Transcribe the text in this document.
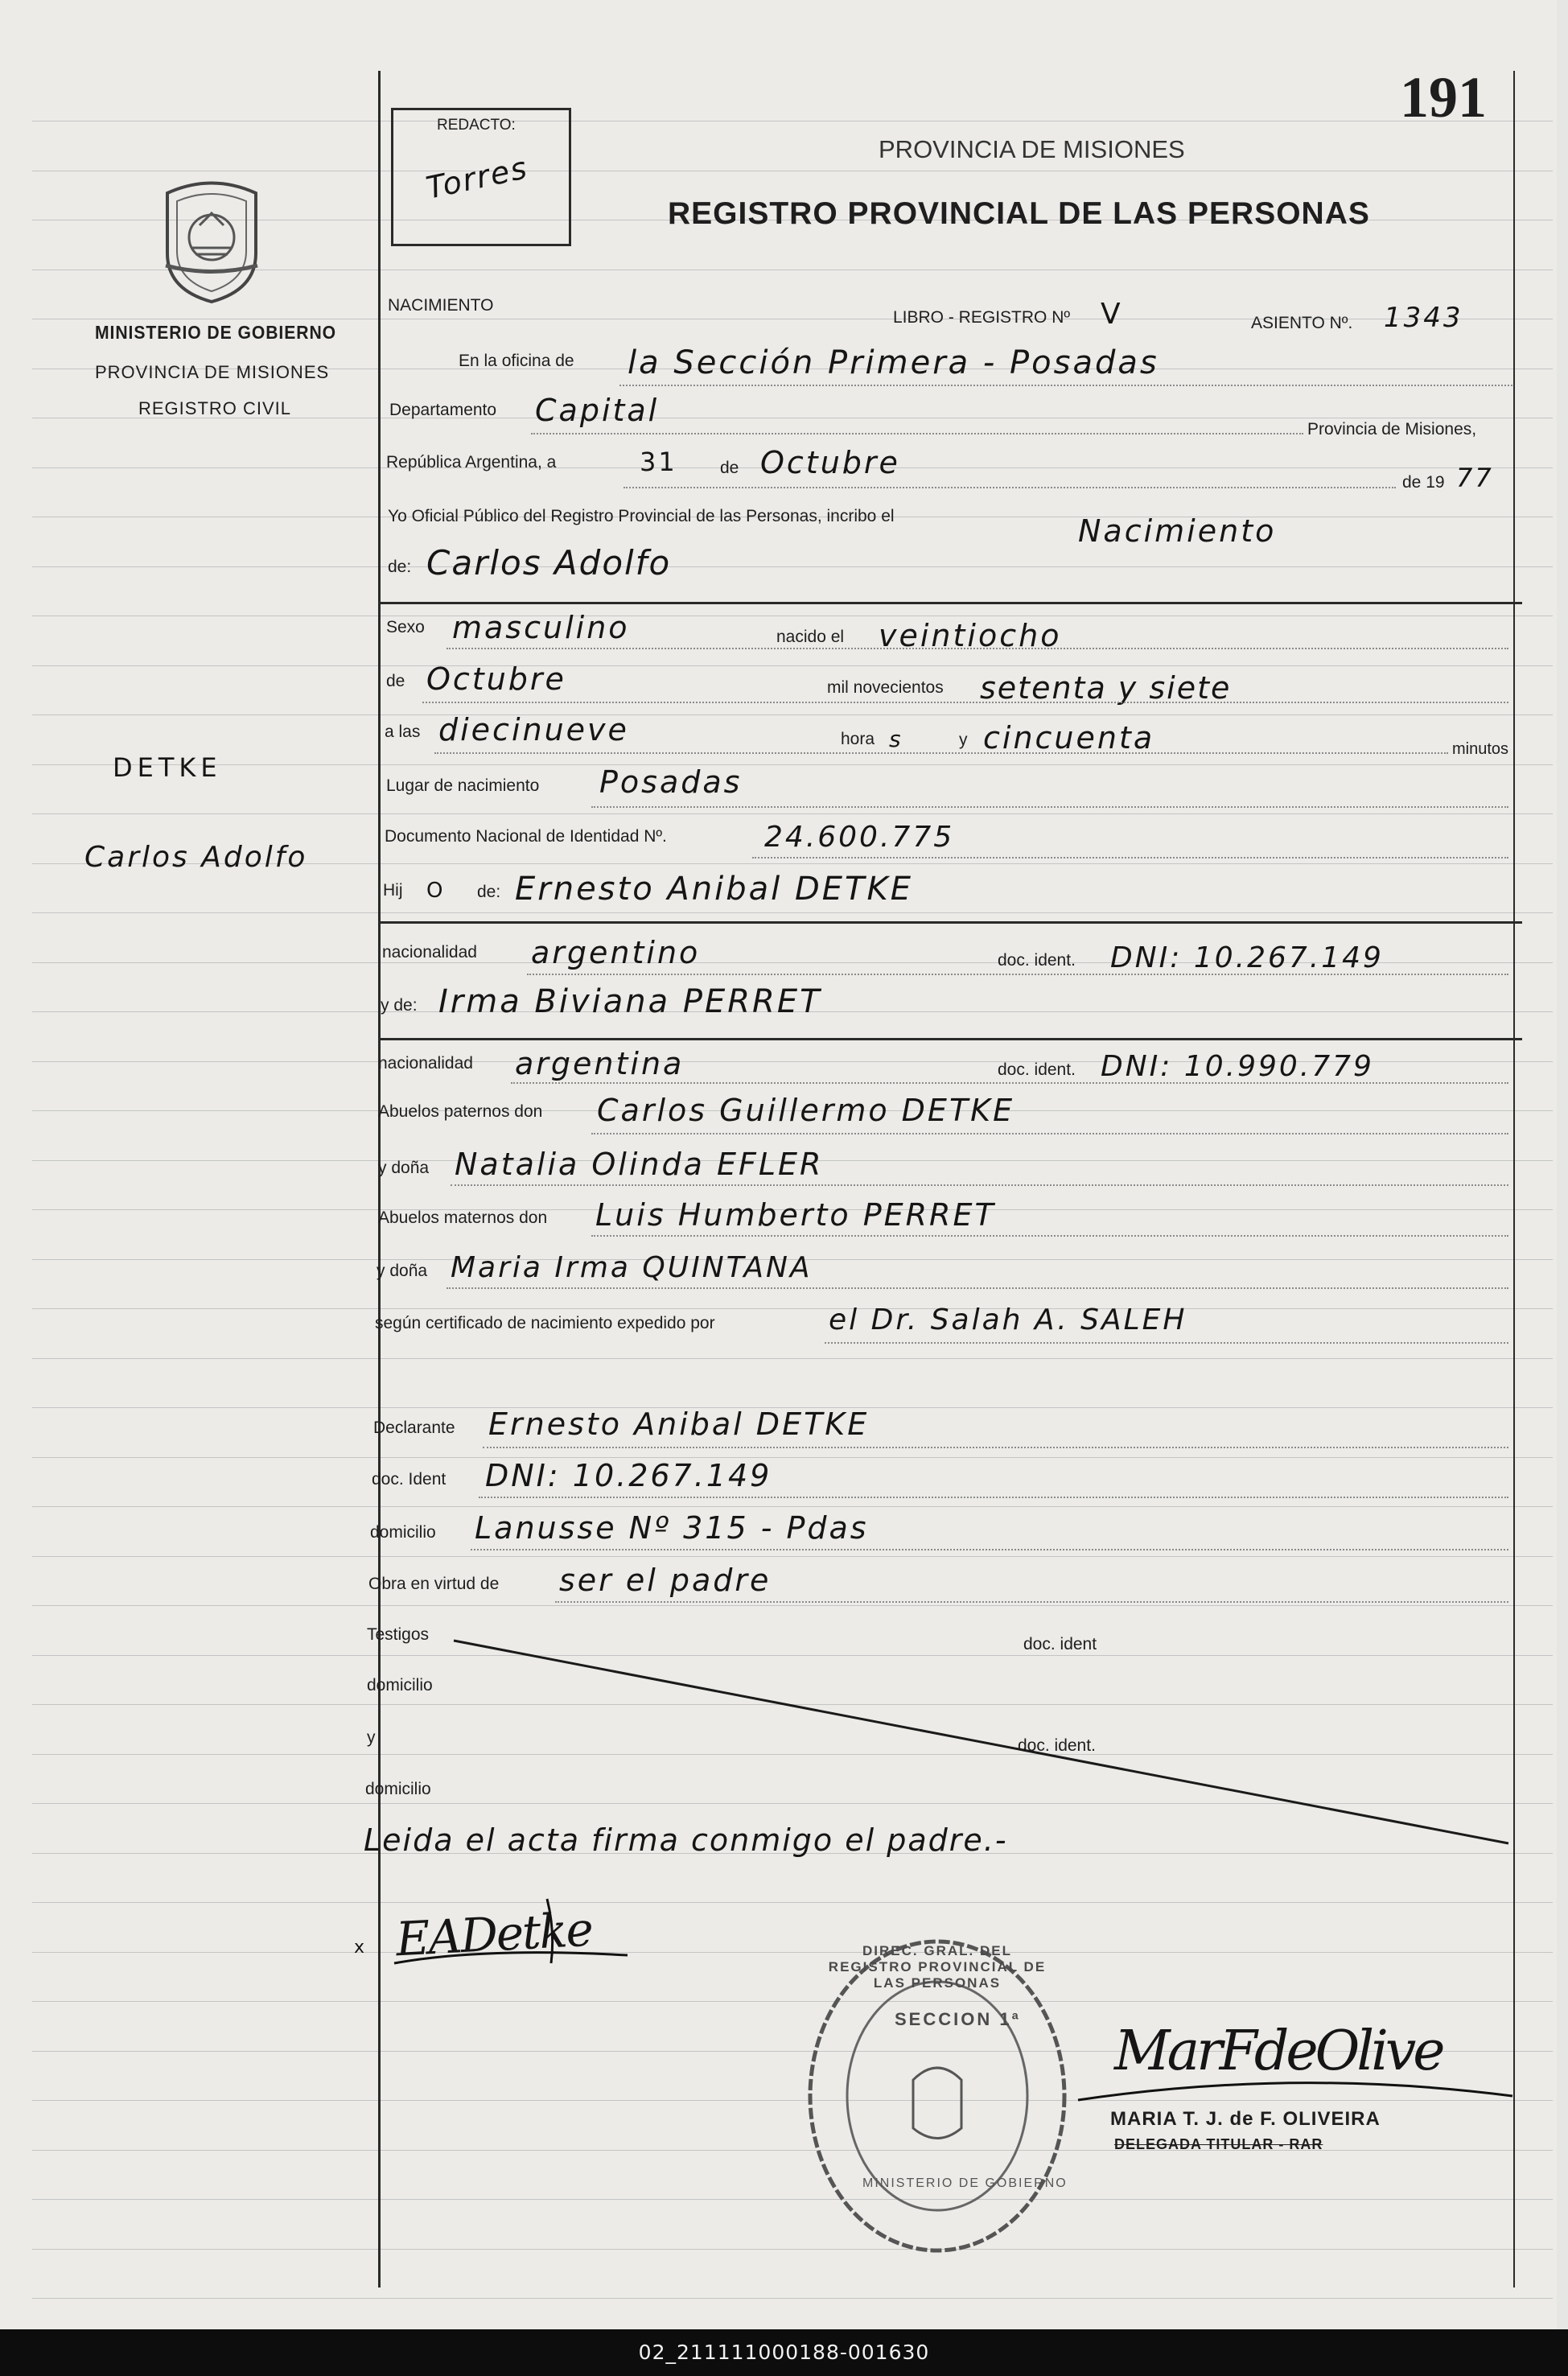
191
REDACTO:
Torres
PROVINCIA DE MISIONES
REGISTRO PROVINCIAL DE LAS PERSONAS
MINISTERIO DE GOBIERNO
PROVINCIA DE MISIONES
REGISTRO CIVIL
DETKE
Carlos Adolfo
NACIMIENTO
LIBRO - REGISTRO Nº V	ASIENTO Nº. 1343
En la oficina de la Sección Primera - Posadas
Departamento Capital
Provincia de Misiones,
República Argentina, a	31	de Octubre
de 19 77
Yo Oficial Público del Registro Provincial de las Personas, incribo el	Nacimiento
de: Carlos Adolfo
Sexo masculino	nacido el veintiocho
de Octubre	mil novecientos setenta y siete
a las diecinueve	hora s	y cincuenta	minutos
Lugar de nacimiento Posadas
Documento Nacional de Identidad Nº.	24.600.775
Hij O de: Ernesto Anibal DETKE
nacionalidad argentino	doc. ident. DNI: 10.267.149
y de: Irma Biviana PERRET
nacionalidad argentina	doc. ident. DNI: 10.990.779
Abuelos paternos don Carlos Guillermo DETKE
y doña Natalia Olinda EFLER
Abuelos maternos don Luis Humberto PERRET
y doña Maria Irma QUINTANA
según certificado de nacimiento expedido por	el Dr. Salah A. SALEH
Declarante Ernesto Anibal DETKE
doc. Ident DNI: 10.267.149
domicilio Lanusse Nº 315 - Pdas
Obra en virtud de ser el padre
Testigos
doc. ident
domicilio
y	doc. ident.
domicilio
Leida el acta firma conmigo el padre.-
x EADetke	DIREC. GRAL. DEL REGISTRO PROVINCIAL DE LAS PERSONAS
SECCION 1ª
MINISTERIO DE GOBIERNO
MarFdeOlive
MARIA T. J. de F. OLIVEIRA
DELEGADA TITULAR - RAR
02_211111000188-001630
